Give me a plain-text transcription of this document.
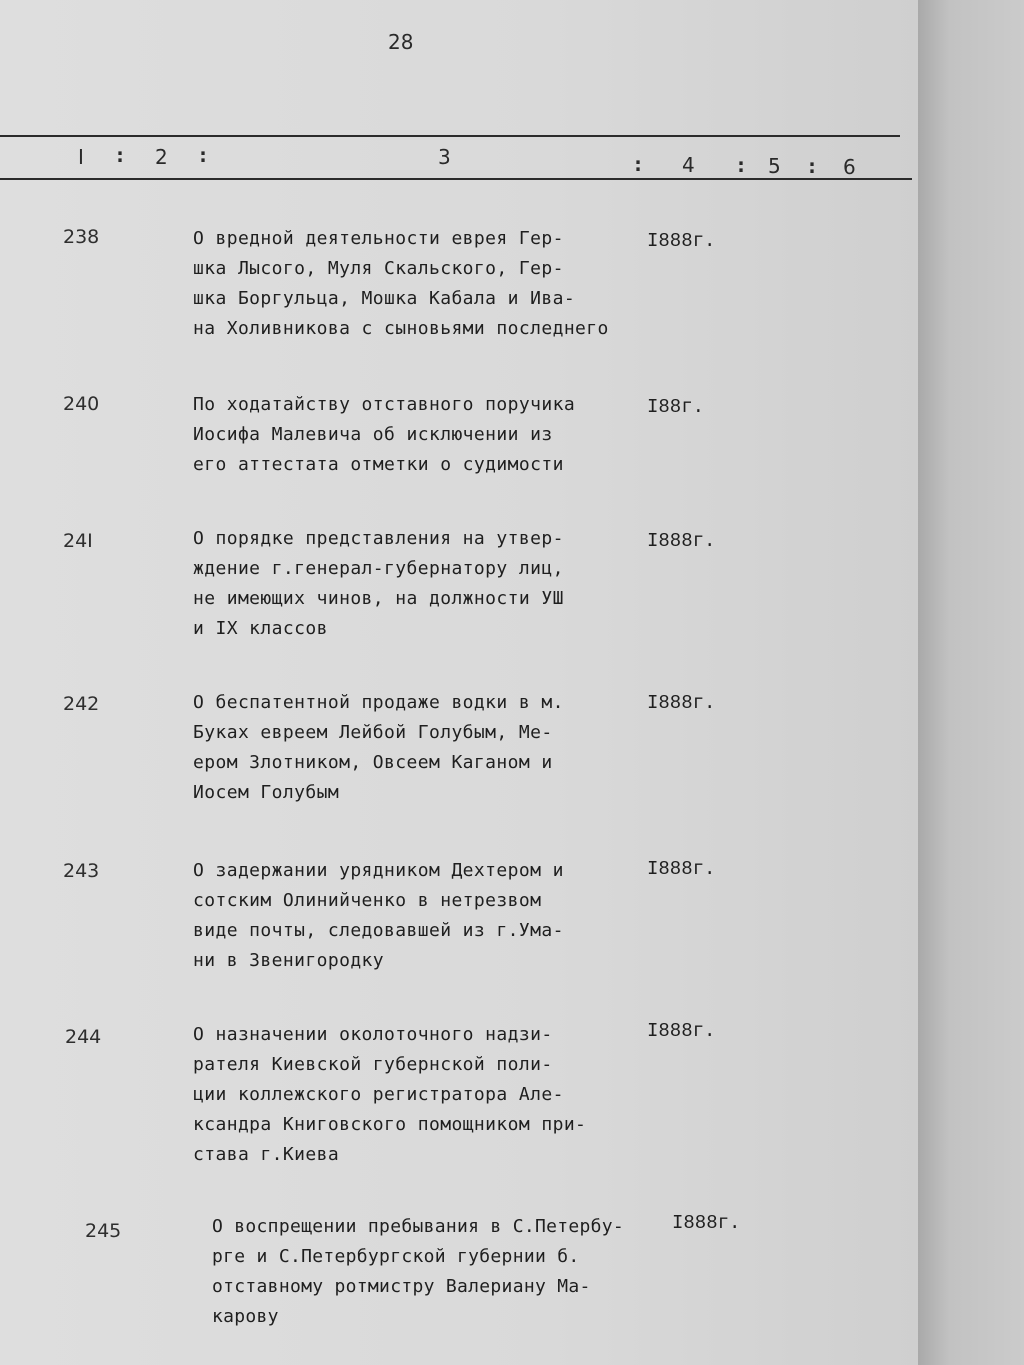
28
I : 2 :	3	: 4 : 5 : 6
238	О вредной деятельности еврея Гер-
шка Лысого, Муля Скальского, Гер-
шка Боргульца, Мошка Кабала и Ива-
на Холивникова с сыновьями последнего
I888г.
240	По ходатайству отставного поручика
Иосифа Малевича об исключении из
его аттестата отметки о судимости
I88г.
24I	О порядке представления на утвер-
ждение г.генерал-губернатору лиц,
не имеющих чинов, на должности УШ
и IX классов
I888г.
242	О беспатентной продаже водки в м.
Буках евреем Лейбой Голубым, Ме-
ером Злотником, Овсеем Каганом и
Иосем Голубым
I888г.
243	О задержании урядником Дехтером и
сотским Олинийченко в нетрезвом
виде почты, следовавшей из г.Ума-
ни в Звенигородку
I888г.
244	О назначении околоточного надзи-
рателя Киевской губернской поли-
ции коллежского регистратора Але-
ксандра Книговского помощником при-
става г.Киева
I888г.
245	О воспрещении пребывания в С.Петербу-
рге и С.Петербургской губернии б.
отставному ротмистру Валериану Ма-
карову
I888г.
